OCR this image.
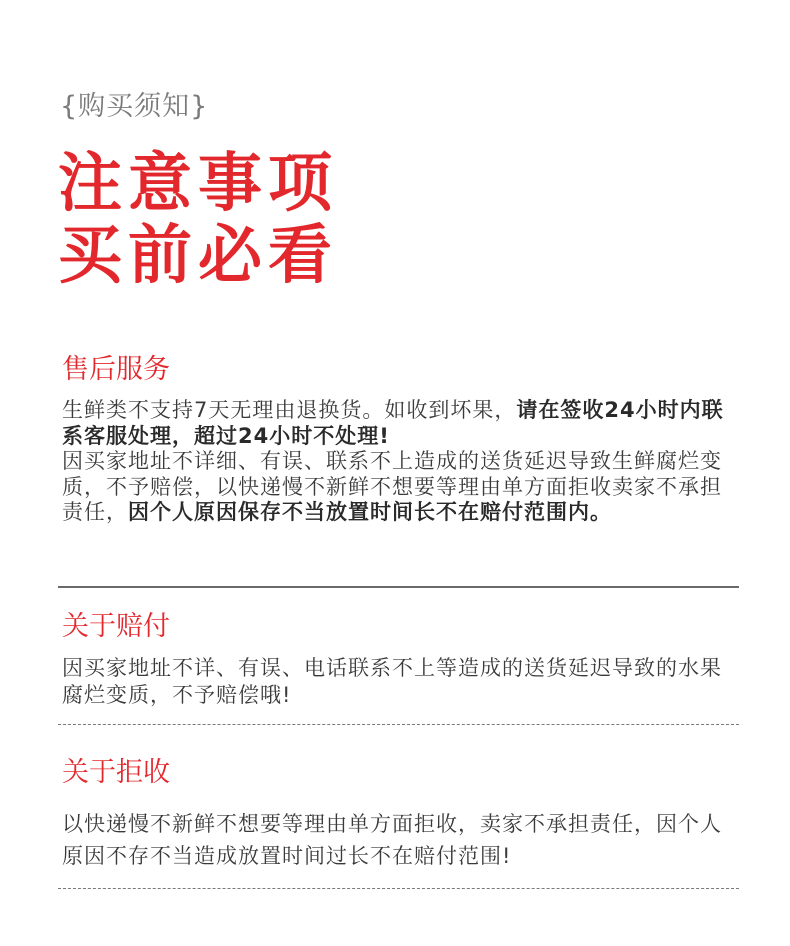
{购买须知}
注意事项
买前必看
售后服务
生鲜类不支持7天无理由退换货。如收到坏果，请在签收24小时内联系客服处理，超过24小时不处理!
因买家地址不详细、有误、联系不上造成的送货延迟导致生鲜腐烂变质，不予赔偿，以快递慢不新鲜不想要等理由单方面拒收卖家不承担责任，因个人原因保存不当放置时间长不在赔付范围内。
关于赔付
因买家地址不详、有误、电话联系不上等造成的送货延迟导致的水果腐烂变质，不予赔偿哦!
关于拒收
以快递慢不新鲜不想要等理由单方面拒收，卖家不承担责任，因个人原因不存不当造成放置时间过长不在赔付范围!
